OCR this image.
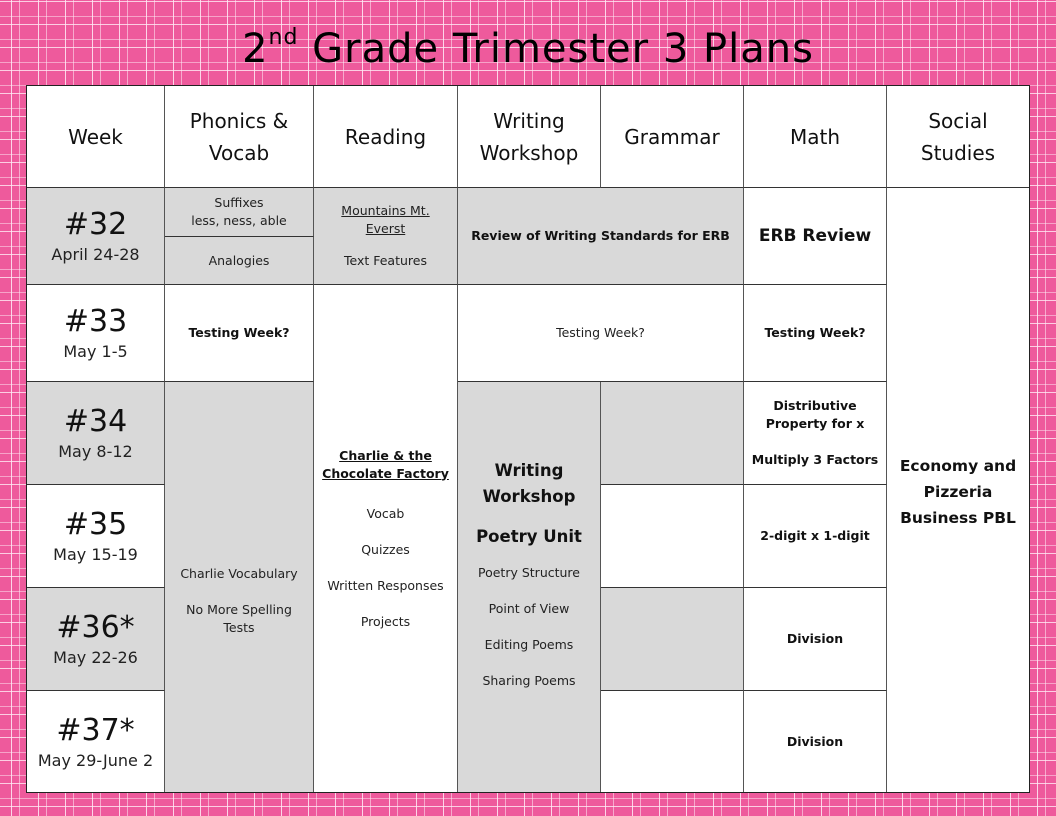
2nd Grade Trimester 3 Plans
Week
Phonics &
Vocab
Reading
Writing
Workshop
Grammar	Math
Social
Studies
#32
April 24-28
#33
May 1-5
#34
May 8-12
#35
May 15-19
#36*
May 22-26
#37*
May 29-June 2
Suffixes
less, ness, able
Analogies
Testing Week?
Charlie Vocabulary
No More Spelling
Tests
Mountains Mt.
Everst
Text Features
Charlie & the
Chocolate Factory
Vocab
Quizzes
Written Responses
Projects
Review of Writing Standards for ERB
Testing Week?
Writing
Workshop
Poetry Unit
Poetry Structure
Point of View
Editing Poems
Sharing Poems
ERB Review
Testing Week?
Distributive
Property for x
Multiply 3 Factors
2-digit x 1-digit
Division
Division
Economy and
Pizzeria
Business PBL
